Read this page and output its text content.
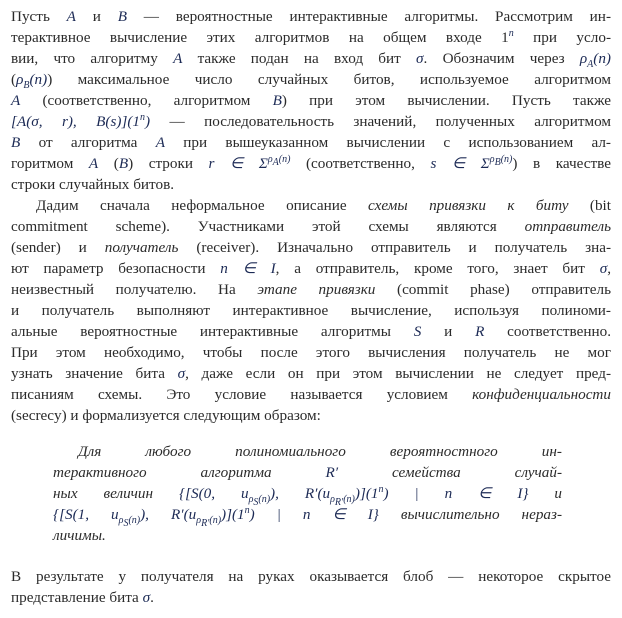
Пусть A и B — вероятностные интерактивные алгоритмы. Рассмотрим ин-
терактивное вычисление этих алгоритмов на общем входе 1$^n$ при усло-
вии, что алгоритму A также подан на вход бит σ. Обозначим через $\rho_A(n)$
$(\rho_B(n))$ максимальное число случайных битов, используемое алгоритмом
A (соответственно, алгоритмом B) при этом вычислении. Пусть также
[A(σ, r), B(s)](1$^n$) — последовательность значений, полученных алгоритмом
B от алгоритма A при вышеуказанном вычислении с использованием ал-
горитмом A (B) строки r ∈ $\Sigma^{\rho_A(n)}$ (соответственно, s ∈ $\Sigma^{\rho_B(n)}$) в качестве
строки случайных битов.
Дадим сначала неформальное описание схемы привязки к биту (bit
commitment scheme). Участниками этой схемы являются отправитель
(sender) и получатель (receiver). Изначально отправитель и получатель зна-
ют параметр безопасности n ∈ I, а отправитель, кроме того, знает бит σ,
неизвестный получателю. На этапе привязки (commit phase) отправитель
и получатель выполняют интерактивное вычисление, используя полиноми-
альные вероятностные интерактивные алгоритмы S и R соответственно.
При этом необходимо, чтобы после этого вычисления получатель не мог
узнать значение бита σ, даже если он при этом вычислении не следует пред-
писаниям схемы. Это условие называется условием конфиденциальности
(secrecy) и формализуется следующим образом:
Для любого полиномиального вероятностного ин-
терактивного алгоритма R′ семейства случай-
ных величин {[S(0, $u_{\rho_S(n)}$), $R'(u_{\rho_{R'}(n)})](1^n)$ | n ∈ I} и
{[S(1, $u_{\rho_S(n)}$), $R'(u_{\rho_{R'}(n)})](1^n)$ | n ∈ I} вычислительно нераз-
личимы.
В результате у получателя на руках оказывается блоб — некоторое скрытое
представление бита σ.
